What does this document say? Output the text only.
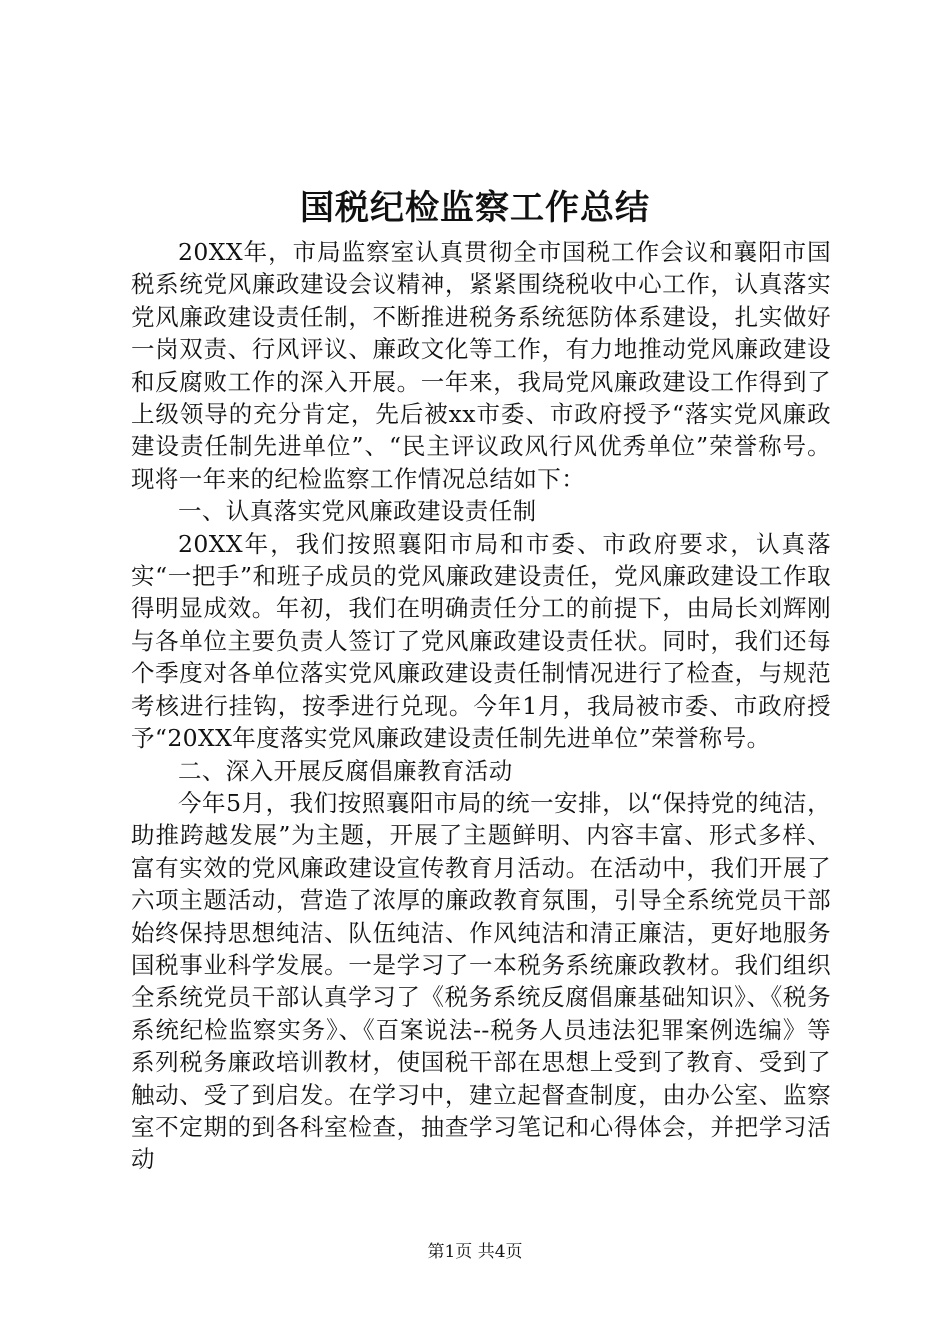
国税纪检监察工作总结

20XX年，市局监察室认真贯彻全市国税工作会议和襄阳市国税系统党风廉政建设会议精神，紧紧围绕税收中心工作，认真落实党风廉政建设责任制，不断推进税务系统惩防体系建设，扎实做好一岗双责、行风评议、廉政文化等工作，有力地推动党风廉政建设和反腐败工作的深入开展。一年来，我局党风廉政建设工作得到了上级领导的充分肯定，先后被xx市委、市政府授予“落实党风廉政建设责任制先进单位”、“民主评议政风行风优秀单位”荣誉称号。现将一年来的纪检监察工作情况总结如下：

一、认真落实党风廉政建设责任制

20XX年，我们按照襄阳市局和市委、市政府要求，认真落实“一把手”和班子成员的党风廉政建设责任，党风廉政建设工作取得明显成效。年初，我们在明确责任分工的前提下，由局长刘辉刚与各单位主要负责人签订了党风廉政建设责任状。同时，我们还每个季度对各单位落实党风廉政建设责任制情况进行了检查，与规范考核进行挂钩，按季进行兑现。今年1月，我局被市委、市政府授予“20XX年度落实党风廉政建设责任制先进单位”荣誉称号。

二、深入开展反腐倡廉教育活动

今年5月，我们按照襄阳市局的统一安排，以“保持党的纯洁，助推跨越发展”为主题，开展了主题鲜明、内容丰富、形式多样、富有实效的党风廉政建设宣传教育月活动。在活动中，我们开展了六项主题活动，营造了浓厚的廉政教育氛围，引导全系统党员干部始终保持思想纯洁、队伍纯洁、作风纯洁和清正廉洁，更好地服务国税事业科学发展。一是学习了一本税务系统廉政教材。我们组织全系统党员干部认真学习了《税务系统反腐倡廉基础知识》、《税务系统纪检监察实务》、《百案说法--税务人员违法犯罪案例选编》等系列税务廉政培训教材，使国税干部在思想上受到了教育、受到了触动、受了到启发。在学习中，建立起督查制度，由办公室、监察室不定期的到各科室检查，抽查学习笔记和心得体会，并把学习活动

第1页 共4页
